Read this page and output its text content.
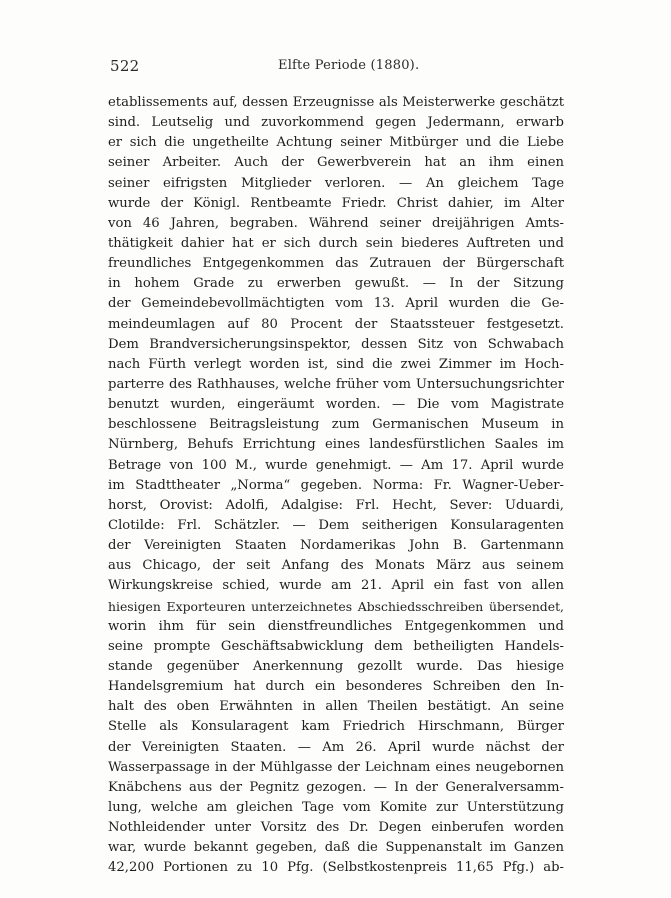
522	Elfte Periode (1880).
etablissements auf, dessen Erzeugnisse als Meisterwerke geschätzt
sind. Leutselig und zuvorkommend gegen Jedermann, erwarb
er sich die ungetheilte Achtung seiner Mitbürger und die Liebe
seiner Arbeiter. Auch der Gewerbverein hat an ihm einen
seiner eifrigsten Mitglieder verloren. — An gleichem Tage
wurde der Königl. Rentbeamte Friedr. Christ dahier, im Alter
von 46 Jahren, begraben. Während seiner dreijährigen Amts-
thätigkeit dahier hat er sich durch sein biederes Auftreten und
freundliches Entgegenkommen das Zutrauen der Bürgerschaft
in hohem Grade zu erwerben gewußt. — In der Sitzung
der Gemeindebevollmächtigten vom 13. April wurden die Ge-
meindeumlagen auf 80 Procent der Staatssteuer festgesetzt.
Dem Brandversicherungsinspektor, dessen Sitz von Schwabach
nach Fürth verlegt worden ist, sind die zwei Zimmer im Hoch-
parterre des Rathhauses, welche früher vom Untersuchungsrichter
benutzt wurden, eingeräumt worden. — Die vom Magistrate
beschlossene Beitragsleistung zum Germanischen Museum in
Nürnberg, Behufs Errichtung eines landesfürstlichen Saales im
Betrage von 100 M., wurde genehmigt. — Am 17. April wurde
im Stadttheater „Norma“ gegeben. Norma: Fr. Wagner-Ueber-
horst, Orovist: Adolfi, Adalgise: Frl. Hecht, Sever: Uduardi,
Clotilde: Frl. Schätzler. — Dem seitherigen Konsularagenten
der Vereinigten Staaten Nordamerikas John B. Gartenmann
aus Chicago, der seit Anfang des Monats März aus seinem
Wirkungskreise schied, wurde am 21. April ein fast von allen
hiesigen Exporteuren unterzeichnetes Abschiedsschreiben übersendet,
worin ihm für sein dienstfreundliches Entgegenkommen und
seine prompte Geschäftsabwicklung dem betheiligten Handels-
stande gegenüber Anerkennung gezollt wurde. Das hiesige
Handelsgremium hat durch ein besonderes Schreiben den In-
halt des oben Erwähnten in allen Theilen bestätigt. An seine
Stelle als Konsularagent kam Friedrich Hirschmann, Bürger
der Vereinigten Staaten. — Am 26. April wurde nächst der
Wasserpassage in der Mühlgasse der Leichnam eines neugebornen
Knäbchens aus der Pegnitz gezogen. — In der Generalversamm-
lung, welche am gleichen Tage vom Komite zur Unterstützung
Nothleidender unter Vorsitz des Dr. Degen einberufen worden
war, wurde bekannt gegeben, daß die Suppenanstalt im Ganzen
42,200 Portionen zu 10 Pfg. (Selbstkostenpreis 11,65 Pfg.) ab-
